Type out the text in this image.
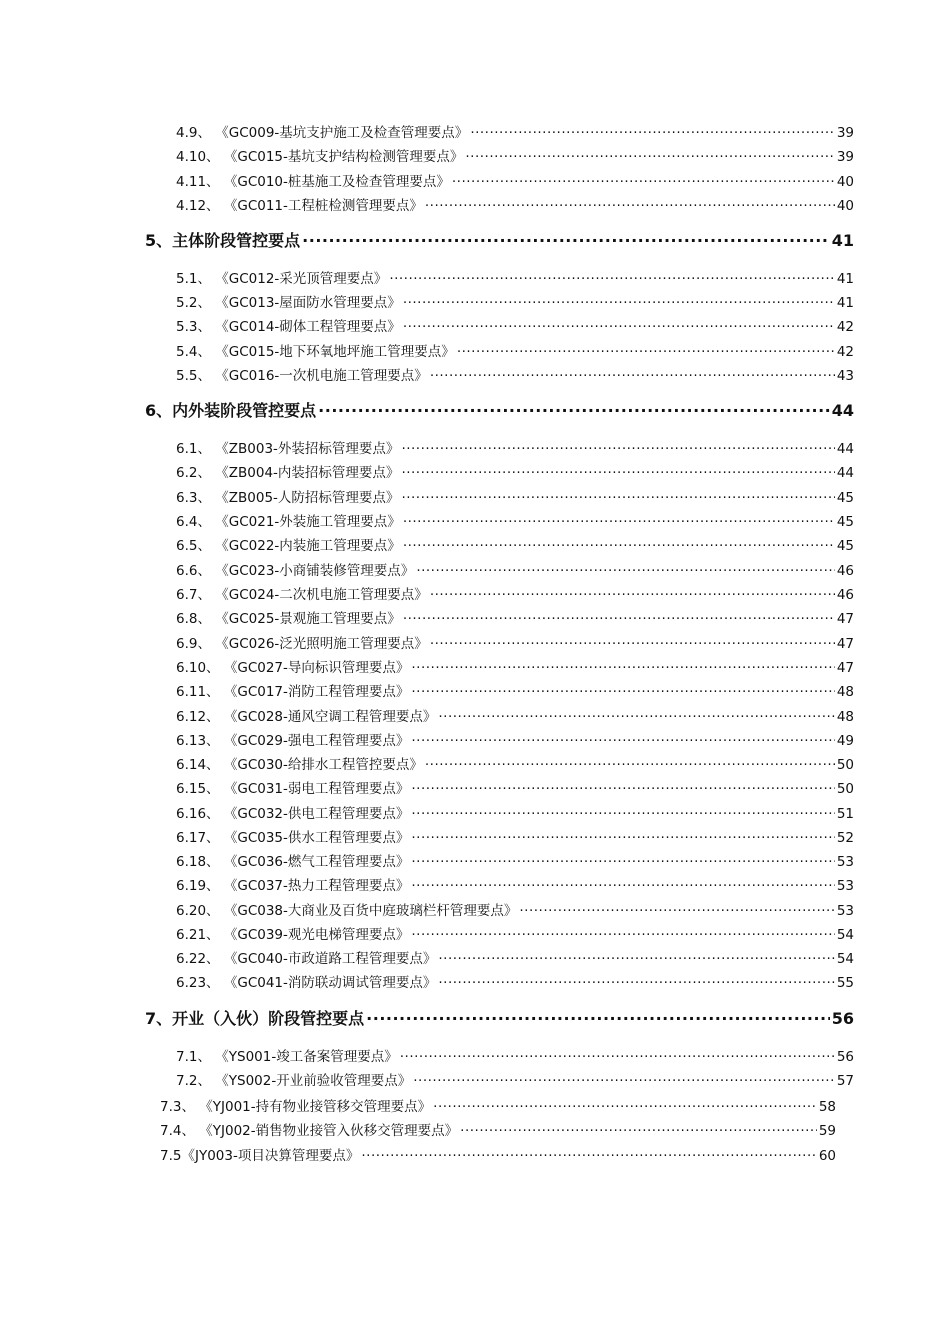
4.9、 《GC009-基坑支护施工及检查管理要点》 .....	39
4.10、 《GC015-基坑支护结构检测管理要点》 .....	39
4.11、 《GC010-桩基施工及检查管理要点》 .....	40
4.12、 《GC011-工程桩检测管理要点》 .....	40
5、主体阶段管控要点 .....	41
5.1、 《GC012-采光顶管理要点》 .....	41
5.2、 《GC013-屋面防水管理要点》 .....	41
5.3、 《GC014-砌体工程管理要点》 .....	42
5.4、 《GC015-地下环氧地坪施工管理要点》 .....	42
5.5、 《GC016-一次机电施工管理要点》 .....	43
6、内外装阶段管控要点 .....	44
6.1、 《ZB003-外装招标管理要点》 .....	44
6.2、 《ZB004-内装招标管理要点》 .....	44
6.3、 《ZB005-人防招标管理要点》 .....	45
6.4、 《GC021-外装施工管理要点》 .....	45
6.5、 《GC022-内装施工管理要点》 .....	45
6.6、 《GC023-小商铺装修管理要点》 .....	46
6.7、 《GC024-二次机电施工管理要点》 .....	46
6.8、 《GC025-景观施工管理要点》 .....	47
6.9、 《GC026-泛光照明施工管理要点》 .....	47
6.10、 《GC027-导向标识管理要点》 .....	47
6.11、 《GC017-消防工程管理要点》 .....	48
6.12、 《GC028-通风空调工程管理要点》 .....	48
6.13、 《GC029-强电工程管理要点》 .....	49
6.14、 《GC030-给排水工程管控要点》 .....	50
6.15、 《GC031-弱电工程管理要点》 .....	50
6.16、 《GC032-供电工程管理要点》 .....	51
6.17、 《GC035-供水工程管理要点》 .....	52
6.18、 《GC036-燃气工程管理要点》 .....	53
6.19、 《GC037-热力工程管理要点》 .....	53
6.20、 《GC038-大商业及百货中庭玻璃栏杆管理要点》 .....	53
6.21、 《GC039-观光电梯管理要点》 .....	54
6.22、 《GC040-市政道路工程管理要点》 .....	54
6.23、 《GC041-消防联动调试管理要点》 .....	55
7、开业（入伙）阶段管控要点 .....	56
7.1、 《YS001-竣工备案管理要点》 .....	56
7.2、 《YS002-开业前验收管理要点》 .....	57
7.3、 《YJ001-持有物业接管移交管理要点》 .....	58
7.4、 《YJ002-销售物业接管入伙移交管理要点》 .....	59
7.5《JY003-项目决算管理要点》 .....	60
